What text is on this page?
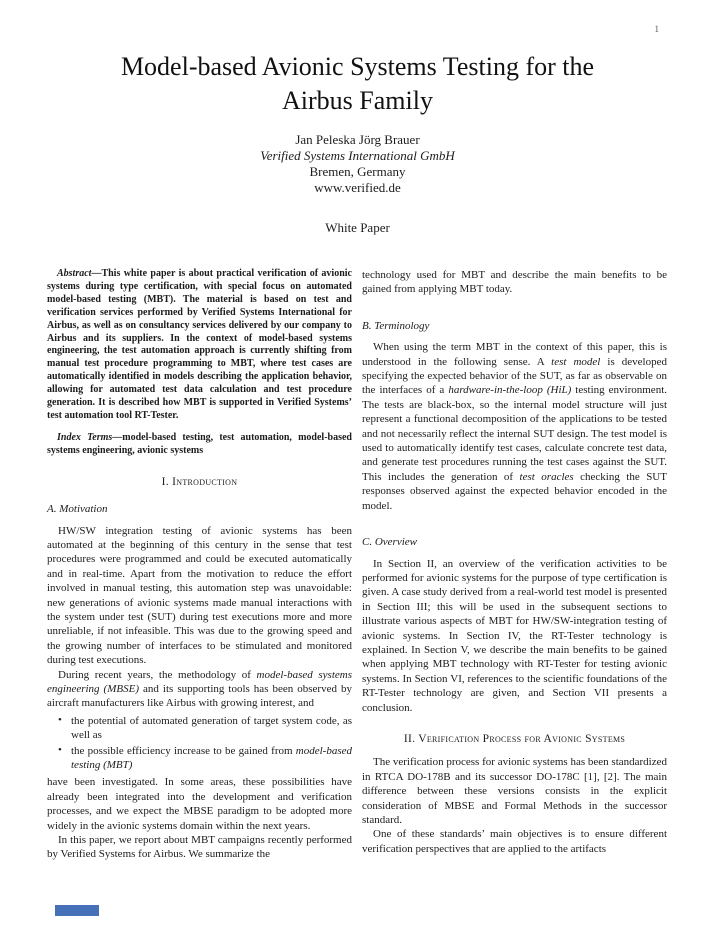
1
Model-based Avionic Systems Testing for the Airbus Family
Jan Peleska Jörg Brauer
Verified Systems International GmbH
Bremen, Germany
www.verified.de
White Paper

Abstract—This white paper is about practical verification of avionic systems during type certification, with special focus on automated model-based testing (MBT). The material is based on test and verification services performed by Verified Systems International for Airbus, as well as on consultancy services delivered by our company to Airbus and its suppliers. In the context of model-based systems engineering, the test automation approach is currently shifting from manual test procedure programming to MBT, where test cases are automatically identified in models describing the application behavior, allowing for automated test data calculation and test procedure generation. It is described how MBT is supported in Verified Systems’ test automation tool RT-Tester.

Index Terms—model-based testing, test automation, model-based systems engineering, avionic systems

I. Introduction
A. Motivation

HW/SW integration testing of avionic systems has been automated at the beginning of this century in the sense that test procedures were programmed and could be executed automatically and in real-time. Apart from the motivation to reduce the effort involved in manual testing, this automation step was unavoidable: new generations of avionic systems made manual interactions with the system under test (SUT) during test executions more and more unreliable, if not infeasible. This was due to the growing speed and the growing number of interfaces to be stimulated and monitored during test executions.

During recent years, the methodology of model-based systems engineering (MBSE) and its supporting tools has been observed by aircraft manufacturers like Airbus with growing interest, and

• the potential of automated generation of target system code, as well as
• the possible efficiency increase to be gained from model-based testing (MBT)

have been investigated. In some areas, these possibilities have already been integrated into the development and verification processes, and we expect the MBSE paradigm to be adopted more widely in the avionic systems domain within the next years.

In this paper, we report about MBT campaigns recently performed by Verified Systems for Airbus. We summarize the

technology used for MBT and describe the main benefits to be gained from applying MBT today.

B. Terminology

When using the term MBT in the context of this paper, this is understood in the following sense. A test model is developed specifying the expected behavior of the SUT, as far as observable on the interfaces of a hardware-in-the-loop (HiL) testing environment. The tests are black-box, so the internal model structure will just represent a functional decomposition of the applications to be tested and not necessarily reflect the internal SUT design. The test model is used to automatically identify test cases, calculate concrete test data, and generate test procedures running the test cases against the SUT. This includes the generation of test oracles checking the SUT responses observed against the expected behavior encoded in the model.

C. Overview

In Section II, an overview of the verification activities to be performed for avionic systems for the purpose of type certification is given. A case study derived from a real-world test model is presented in Section III; this will be used in the subsequent sections to illustrate various aspects of MBT for HW/SW-integration testing of avionic systems. In Section IV, the RT-Tester technology is explained. In Section V, we describe the main benefits to be gained when applying MBT technology with RT-Tester for testing avionic systems. In Section VI, references to the scientific foundations of the RT-Tester technology are given, and Section VII presents a conclusion.

II. Verification Process for Avionic Systems

The verification process for avionic systems has been standardized in RTCA DO-178B and its successor DO-178C [1], [2]. The main difference between these versions consists in the explicit consideration of MBSE and Formal Methods in the successor standard.

One of these standards’ main objectives is to ensure different verification perspectives that are applied to the artifacts
